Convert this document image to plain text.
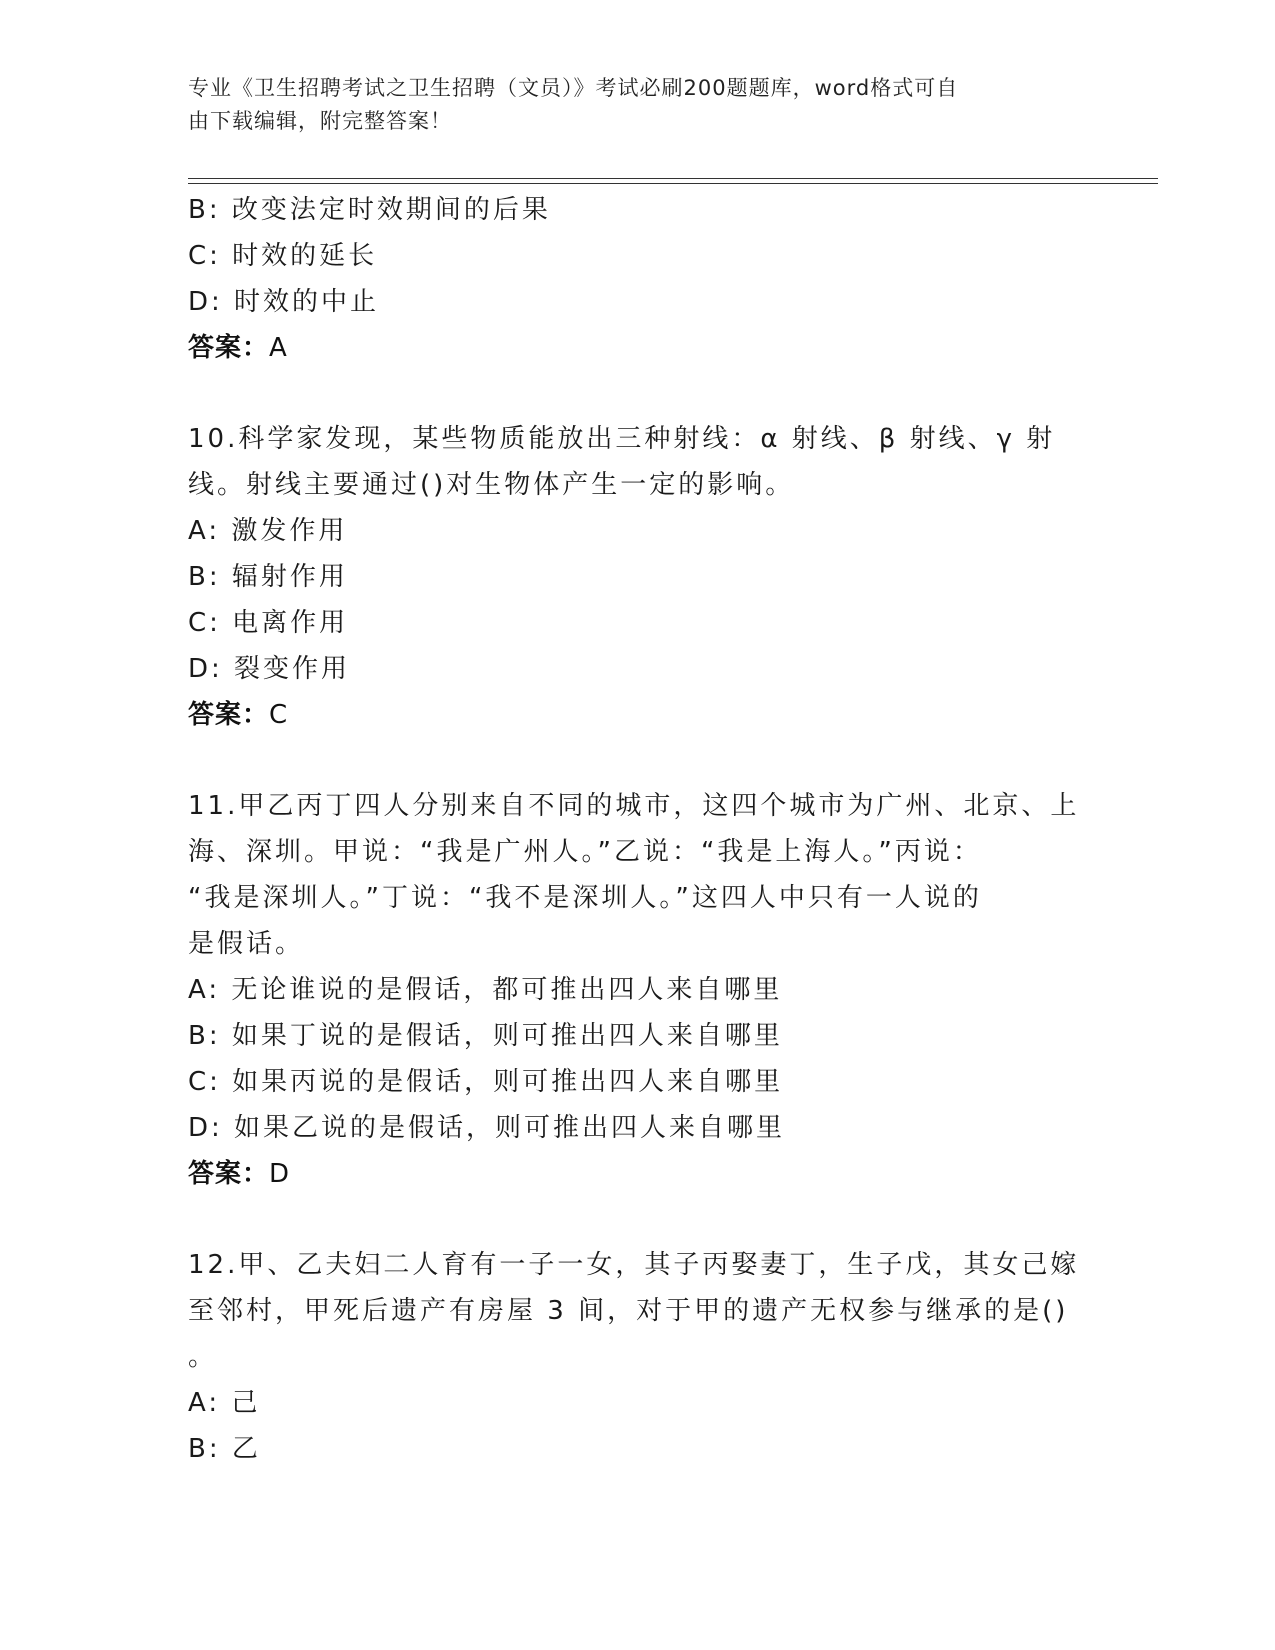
专业《卫生招聘考试之卫生招聘（文员）》考试必刷200题题库，word格式可自
由下载编辑，附完整答案！
B: 改变法定时效期间的后果
C: 时效的延长
D: 时效的中止
答案：A
10.科学家发现，某些物质能放出三种射线：α 射线、β 射线、γ 射
线。射线主要通过()对生物体产生一定的影响。
A: 激发作用
B: 辐射作用
C: 电离作用
D: 裂变作用
答案：C
11.甲乙丙丁四人分别来自不同的城市，这四个城市为广州、北京、上
海、深圳。甲说：“我是广州人。”乙说：“我是上海人。”丙说：
“我是深圳人。”丁说：“我不是深圳人。”这四人中只有一人说的
是假话。
A: 无论谁说的是假话，都可推出四人来自哪里
B: 如果丁说的是假话，则可推出四人来自哪里
C: 如果丙说的是假话，则可推出四人来自哪里
D: 如果乙说的是假话，则可推出四人来自哪里
答案：D
12.甲、乙夫妇二人育有一子一女，其子丙娶妻丁，生子戊，其女己嫁
至邻村，甲死后遗产有房屋 3 间，对于甲的遗产无权参与继承的是()
。
A: 己
B: 乙
